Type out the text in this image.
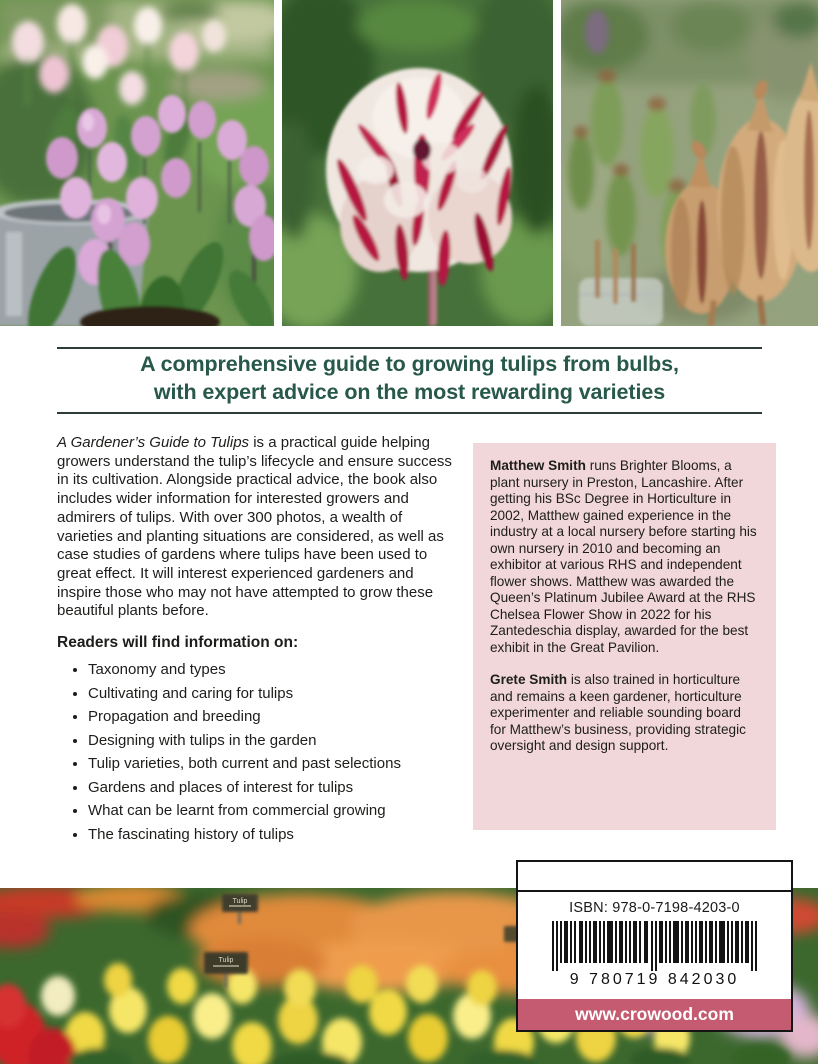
A comprehensive guide to growing tulips from bulbs,
with expert advice on the most rewarding varieties

A Gardener’s Guide to Tulips is a practical guide helping growers understand the tulip’s lifecycle and ensure success in its cultivation. Alongside practical advice, the book also includes wider information for interested growers and admirers of tulips. With over 300 photos, a wealth of varieties and planting situations are considered, as well as case studies of gardens where tulips have been used to great effect. It will interest experienced gardeners and inspire those who may not have attempted to grow these beautiful plants before.

Readers will find information on:

• Taxonomy and types
• Cultivating and caring for tulips
• Propagation and breeding
• Designing with tulips in the garden
• Tulip varieties, both current and past selections
• Gardens and places of interest for tulips
• What can be learnt from commercial growing
• The fascinating history of tulips

Matthew Smith runs Brighter Blooms, a plant nursery in Preston, Lancashire. After getting his BSc Degree in Horticulture in 2002, Matthew gained experience in the industry at a local nursery before starting his own nursery in 2010 and becoming an exhibitor at various RHS and independent flower shows. Matthew was awarded the Queen’s Platinum Jubilee Award at the RHS Chelsea Flower Show in 2022 for his Zantedeschia display, awarded for the best exhibit in the Great Pavilion.

Grete Smith is also trained in horticulture and remains a keen gardener, horticulture experimenter and reliable sounding board for Matthew’s business, providing strategic oversight and design support.

Tulip
Tulip
ISBN: 978-0-7198-4203-0
9 780719 842030
www.crowood.com
